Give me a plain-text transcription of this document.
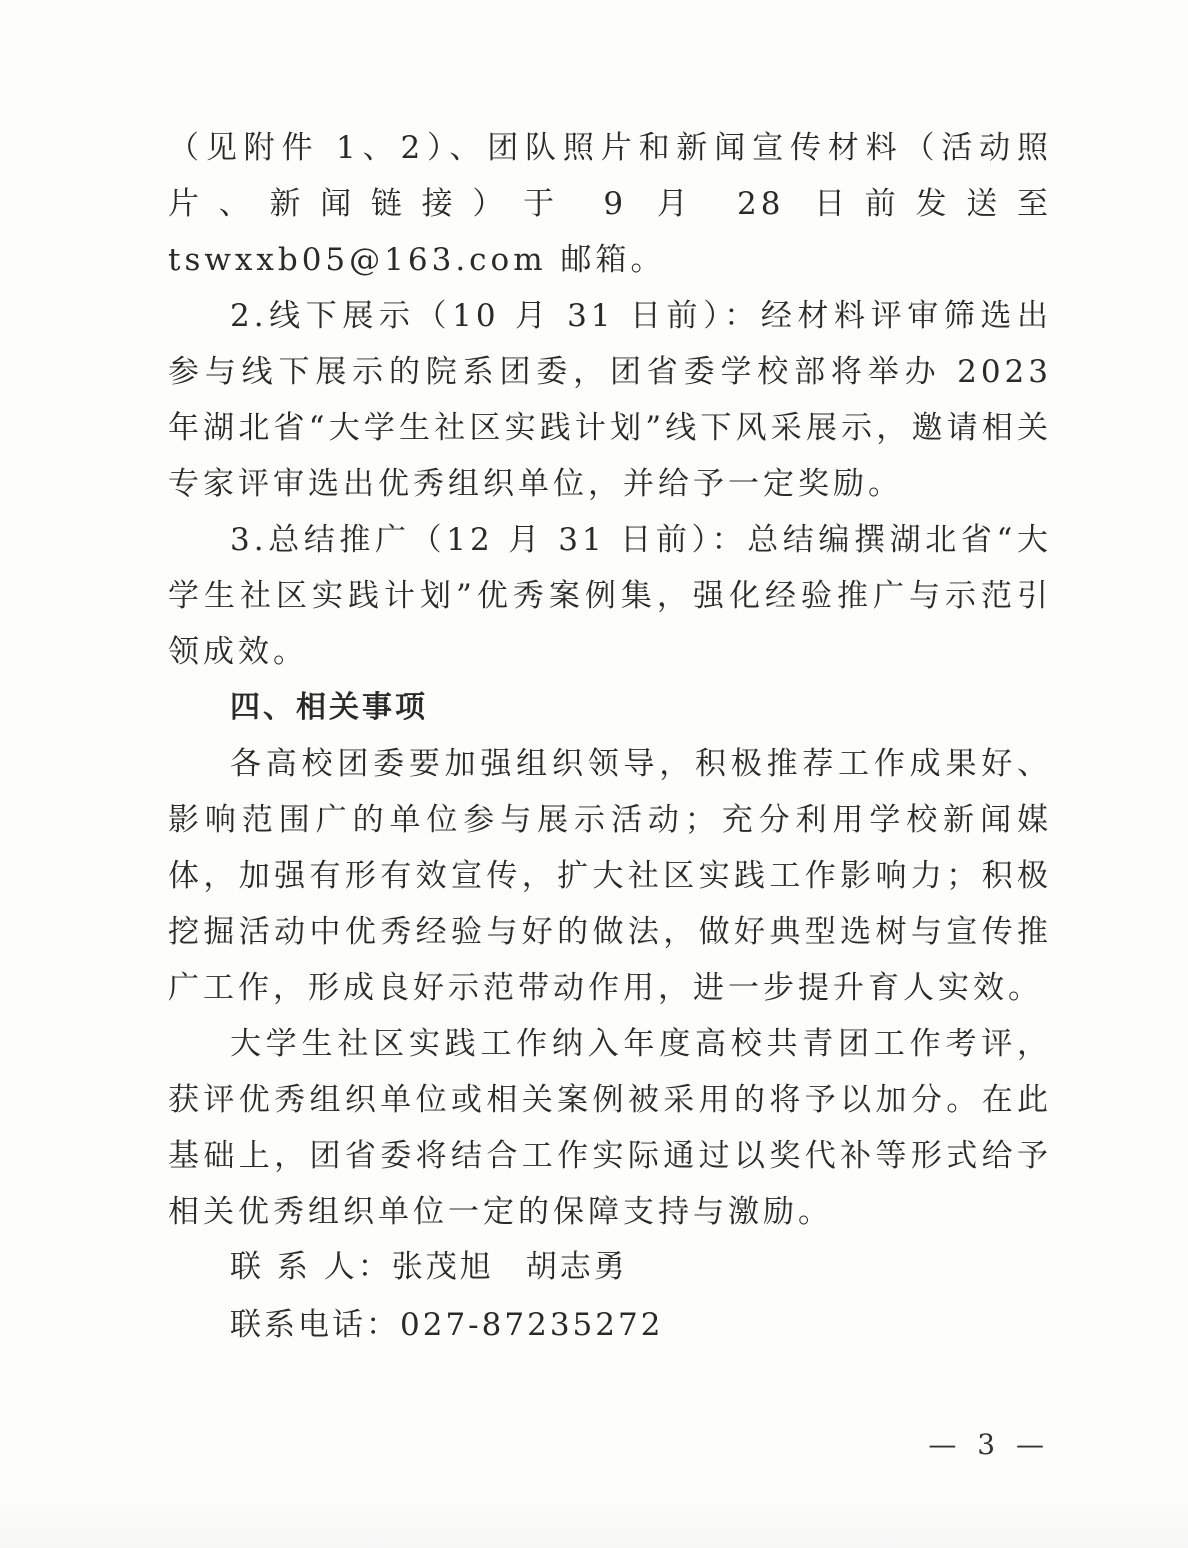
（见附件 1、2）、团队照片和新闻宣传材料（活动照片、新闻链接）于 9 月 28 日前发送至 tswxxb05@163.com 邮箱。

2.线下展示（10 月 31 日前）：经材料评审筛选出参与线下展示的院系团委，团省委学校部将举办 2023 年湖北省“大学生社区实践计划”线下风采展示，邀请相关专家评审选出优秀组织单位，并给予一定奖励。

3.总结推广（12 月 31 日前）：总结编撰湖北省“大学生社区实践计划”优秀案例集，强化经验推广与示范引领成效。

四、相关事项

各高校团委要加强组织领导，积极推荐工作成果好、影响范围广的单位参与展示活动；充分利用学校新闻媒体，加强有形有效宣传，扩大社区实践工作影响力；积极挖掘活动中优秀经验与好的做法，做好典型选树与宣传推广工作，形成良好示范带动作用，进一步提升育人实效。

大学生社区实践工作纳入年度高校共青团工作考评，获评优秀组织单位或相关案例被采用的将予以加分。在此基础上，团省委将结合工作实际通过以奖代补等形式给予相关优秀组织单位一定的保障支持与激励。

联 系 人：张茂旭 胡志勇

联系电话：027-87235272

— 3 —
